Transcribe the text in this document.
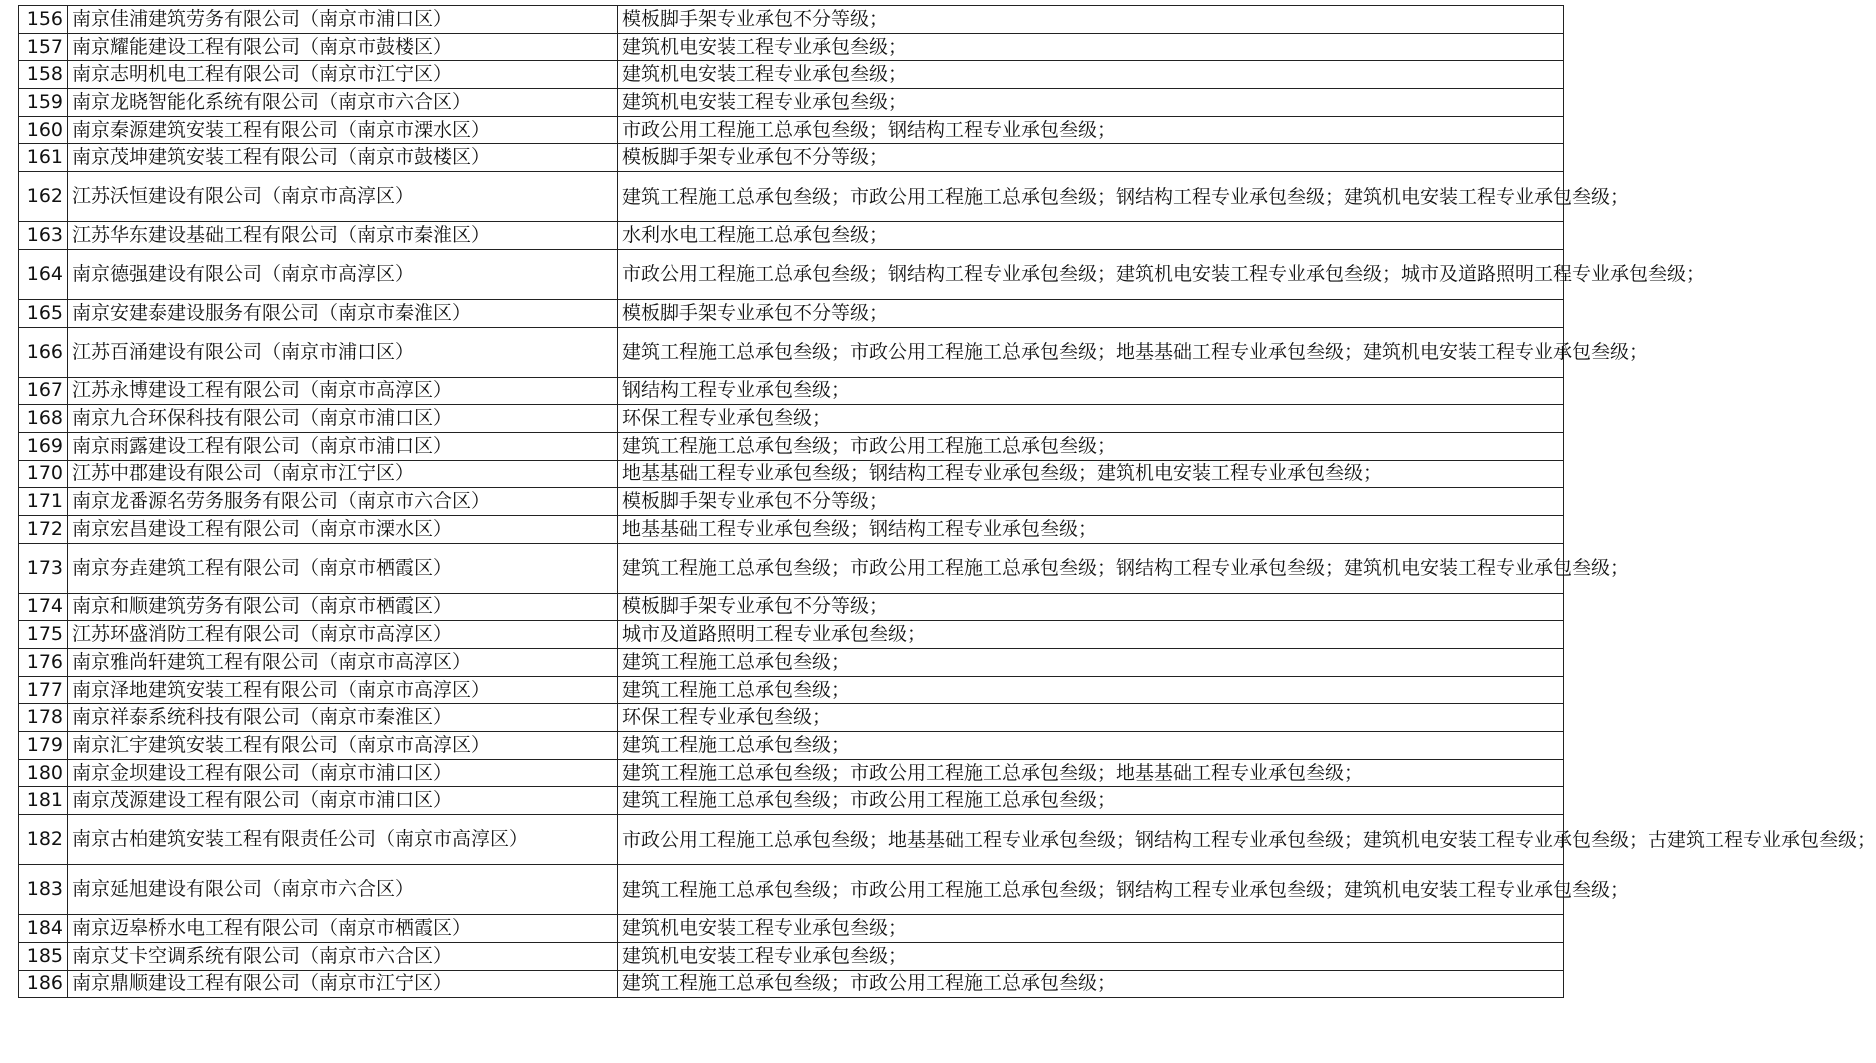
156	南京佳浦建筑劳务有限公司（南京市浦口区）	模板脚手架专业承包不分等级；
157	南京耀能建设工程有限公司（南京市鼓楼区）	建筑机电安装工程专业承包叁级；
158	南京志明机电工程有限公司（南京市江宁区）	建筑机电安装工程专业承包叁级；
159	南京龙晓智能化系统有限公司（南京市六合区）	建筑机电安装工程专业承包叁级；
160	南京秦源建筑安装工程有限公司（南京市溧水区）	市政公用工程施工总承包叁级；钢结构工程专业承包叁级；
161	南京茂坤建筑安装工程有限公司（南京市鼓楼区）	模板脚手架专业承包不分等级；
162	江苏沃恒建设有限公司（南京市高淳区）	建筑工程施工总承包叁级；市政公用工程施工总承包叁级；钢结构工程专业承包叁级；建筑机电安装工程专业承包叁级；
163	江苏华东建设基础工程有限公司（南京市秦淮区）	水利水电工程施工总承包叁级；
164	南京德强建设有限公司（南京市高淳区）	市政公用工程施工总承包叁级；钢结构工程专业承包叁级；建筑机电安装工程专业承包叁级；城市及道路照明工程专业承包叁级；
165	南京安建泰建设服务有限公司（南京市秦淮区）	模板脚手架专业承包不分等级；
166	江苏百涌建设有限公司（南京市浦口区）	建筑工程施工总承包叁级；市政公用工程施工总承包叁级；地基基础工程专业承包叁级；建筑机电安装工程专业承包叁级；
167	江苏永博建设工程有限公司（南京市高淳区）	钢结构工程专业承包叁级；
168	南京九合环保科技有限公司（南京市浦口区）	环保工程专业承包叁级；
169	南京雨露建设工程有限公司（南京市浦口区）	建筑工程施工总承包叁级；市政公用工程施工总承包叁级；
170	江苏中郡建设有限公司（南京市江宁区）	地基基础工程专业承包叁级；钢结构工程专业承包叁级；建筑机电安装工程专业承包叁级；
171	南京龙番源名劳务服务有限公司（南京市六合区）	模板脚手架专业承包不分等级；
172	南京宏昌建设工程有限公司（南京市溧水区）	地基基础工程专业承包叁级；钢结构工程专业承包叁级；
173	南京夯垚建筑工程有限公司（南京市栖霞区）	建筑工程施工总承包叁级；市政公用工程施工总承包叁级；钢结构工程专业承包叁级；建筑机电安装工程专业承包叁级；
174	南京和顺建筑劳务有限公司（南京市栖霞区）	模板脚手架专业承包不分等级；
175	江苏环盛消防工程有限公司（南京市高淳区）	城市及道路照明工程专业承包叁级；
176	南京雅尚轩建筑工程有限公司（南京市高淳区）	建筑工程施工总承包叁级；
177	南京泽地建筑安装工程有限公司（南京市高淳区）	建筑工程施工总承包叁级；
178	南京祥泰系统科技有限公司（南京市秦淮区）	环保工程专业承包叁级；
179	南京汇宇建筑安装工程有限公司（南京市高淳区）	建筑工程施工总承包叁级；
180	南京金坝建设工程有限公司（南京市浦口区）	建筑工程施工总承包叁级；市政公用工程施工总承包叁级；地基基础工程专业承包叁级；
181	南京茂源建设工程有限公司（南京市浦口区）	建筑工程施工总承包叁级；市政公用工程施工总承包叁级；
182	南京古柏建筑安装工程有限责任公司（南京市高淳区）	市政公用工程施工总承包叁级；地基基础工程专业承包叁级；钢结构工程专业承包叁级；建筑机电安装工程专业承包叁级；古建筑工程专业承包叁级；
183	南京延旭建设有限公司（南京市六合区）	建筑工程施工总承包叁级；市政公用工程施工总承包叁级；钢结构工程专业承包叁级；建筑机电安装工程专业承包叁级；
184	南京迈皋桥水电工程有限公司（南京市栖霞区）	建筑机电安装工程专业承包叁级；
185	南京艾卡空调系统有限公司（南京市六合区）	建筑机电安装工程专业承包叁级；
186	南京鼎顺建设工程有限公司（南京市江宁区）	建筑工程施工总承包叁级；市政公用工程施工总承包叁级；
